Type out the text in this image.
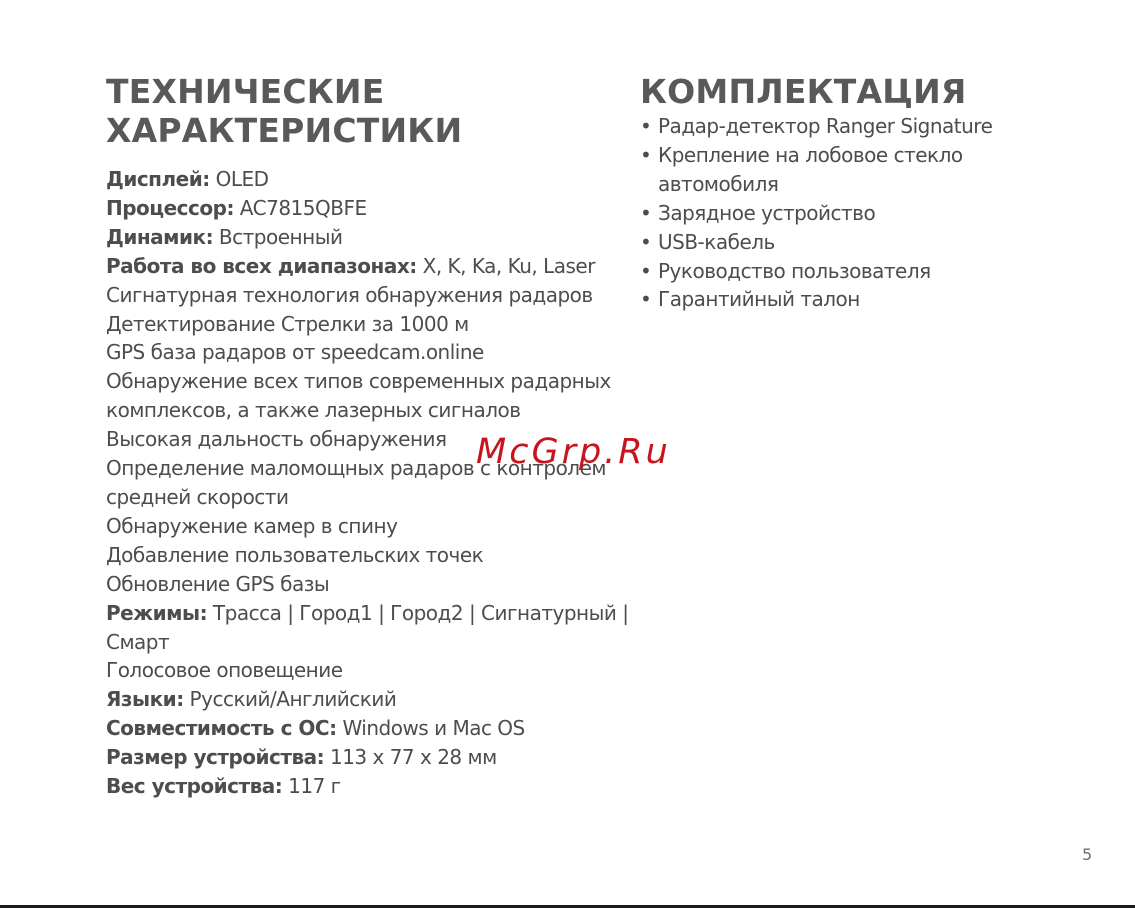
ТЕХНИЧЕСКИЕ
ХАРАКТЕРИСТИКИ
Дисплей: OLED
Процессор: AC7815QBFE
Динамик: Встроенный
Работа во всех диапазонах: X, K, Ka, Ku, Laser
Сигнатурная технология обнаружения радаров
Детектирование Стрелки за 1000 м
GPS база радаров от speedcam.online
Обнаружение всех типов современных радарных
комплексов, а также лазерных сигналов
Высокая дальность обнаружения
Определение маломощных радаров с контролем
средней скорости
Обнаружение камер в спину
Добавление пользовательских точек
Обновление GPS базы
Режимы: Трасса | Город1 | Город2 | Сигнатурный |
Смарт
Голосовое оповещение
Языки: Русский/Английский
Совместимость с ОС: Windows и Mac OS
Размер устройства: 113 x 77 x 28 мм
Вес устройства: 117 г
КОМПЛЕКТАЦИЯ
• Радар-детектор Ranger Signature
• Крепление на лобовое стекло автомобиля
• Зарядное устройство
• USB-кабель
• Руководство пользователя
• Гарантийный талон
McGrp.Ru
5
